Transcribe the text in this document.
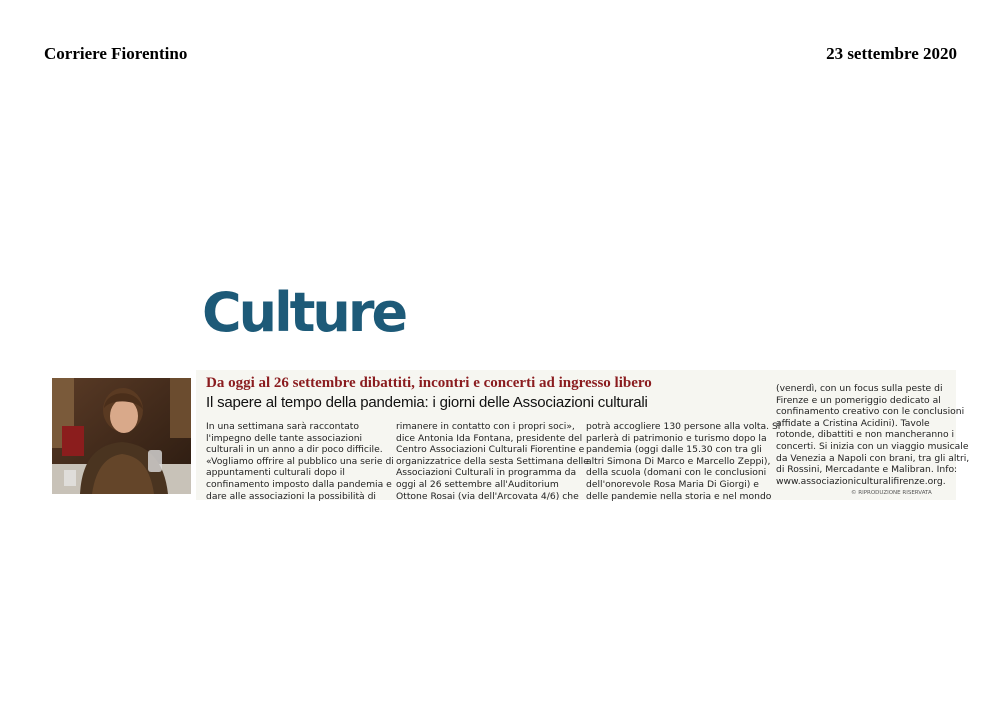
Corriere Fiorentino	23 settembre 2020
Culture
Da oggi al 26 settembre dibattiti, incontri e concerti ad ingresso libero
Il sapere al tempo della pandemia: i giorni delle Associazioni culturali

In una settimana sarà raccontato

l'impegno delle tante associazioni

culturali in un anno a dir poco difficile.

«Vogliamo offrire al pubblico una serie di

appuntamenti culturali dopo il

confinamento imposto dalla pandemia e

dare alle associazioni la possibilità di

rimanere in contatto con i propri soci»,

dice Antonia Ida Fontana, presidente del

Centro Associazioni Culturali Fiorentine e

organizzatrice della sesta Settimana delle

Associazioni Culturali in programma da

oggi al 26 settembre all'Auditorium

Ottone Rosai (via dell'Arcovata 4/6) che

potrà accogliere 130 persone alla volta. Si

parlerà di patrimonio e turismo dopo la

pandemia (oggi dalle 15.30 con tra gli

altri Simona Di Marco e Marcello Zeppi),

della scuola (domani con le conclusioni

dell'onorevole Rosa Maria Di Giorgi) e

delle pandemie nella storia e nel mondo

(venerdì, con un focus sulla peste di

Firenze e un pomeriggio dedicato al

confinamento creativo con le conclusioni

affidate a Cristina Acidini). Tavole

rotonde, dibattiti e non mancheranno i

concerti. Si inizia con un viaggio musicale

da Venezia a Napoli con brani, tra gli altri,

di Rossini, Mercadante e Malibran. Info:

www.associazioniculturalifirenze.org.

© RIPRODUZIONE RISERVATA
